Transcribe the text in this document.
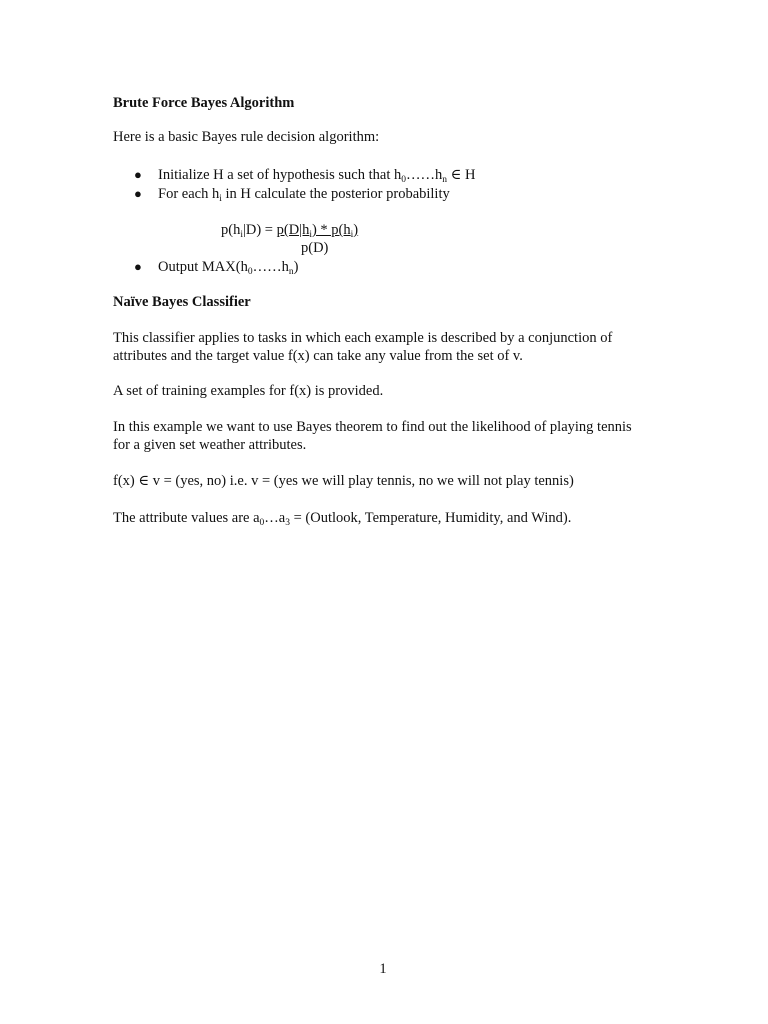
Brute Force Bayes Algorithm
Here is a basic Bayes rule decision algorithm:
● Initialize H a set of hypothesis such that $h_0\dots\dots h_n$ ∈ H
● For each $h_i$ in H calculate the posterior probability
$p(h_i|D) = p(D|h_i) * p(h_i)$
p(D)
● Output $MAX(h_0\dots\dots h_n)$
Naïve Bayes Classifier
This classifier applies to tasks in which each example is described by a conjunction of
attributes and the target value f(x) can take any value from the set of v.
A set of training examples for f(x) is provided.
In this example we want to use Bayes theorem to find out the likelihood of playing tennis
for a given set weather attributes.
f(x) ∈ v = (yes, no) i.e. v = (yes we will play tennis, no we will not play tennis)
The attribute values are $a_0\dots a_3$ = (Outlook, Temperature, Humidity, and Wind).
1
